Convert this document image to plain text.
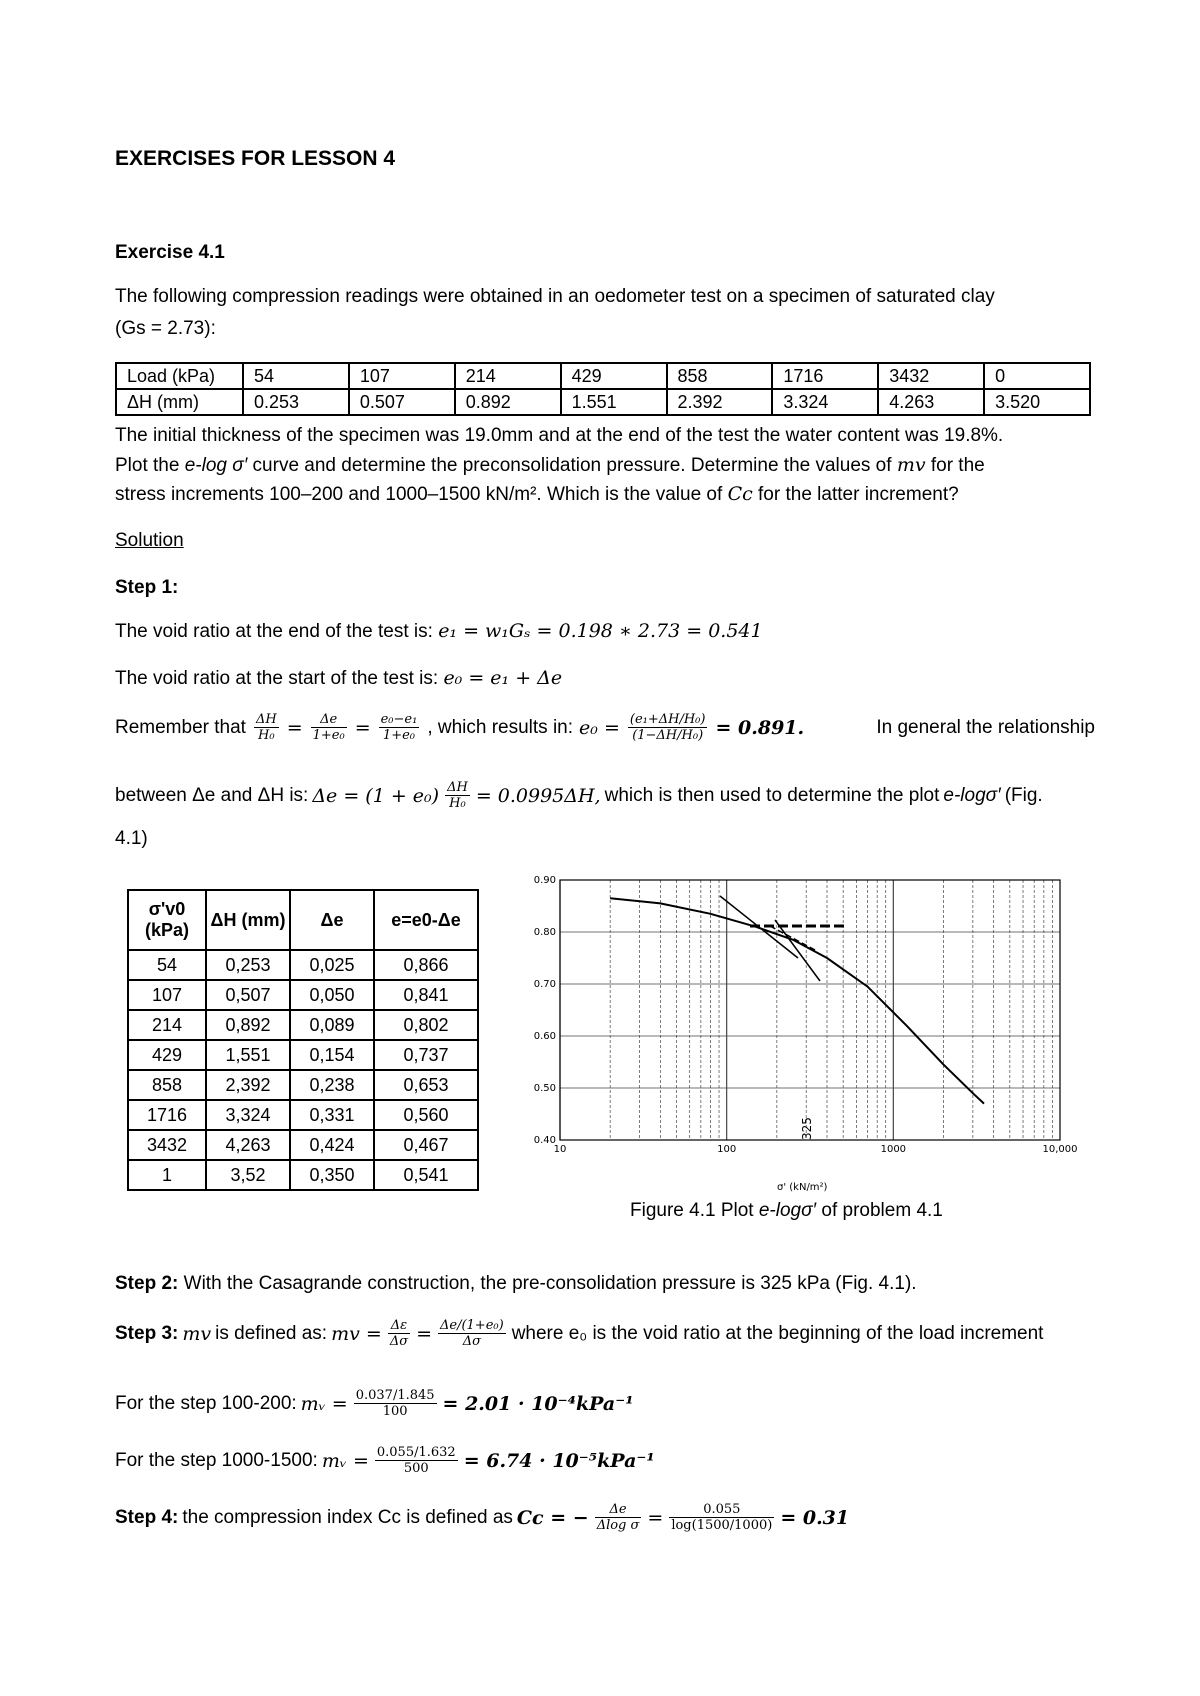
EXERCISES FOR LESSON 4
Exercise 4.1
The following compression readings were obtained in an oedometer test on a specimen of saturated clay
(Gs = 2.73):
Load (kPa)	54	107	214	429	858	1716	3432	0
ΔH (mm)	0.253	0.507	0.892	1.551	2.392	3.324	4.263	3.520
The initial thickness of the specimen was 19.0mm and at the end of the test the water content was 19.8%.
Plot the e-log σ′ curve and determine the preconsolidation pressure. Determine the values of mv for the
stress increments 100–200 and 1000–1500 kN/m². Which is the value of Cc for the latter increment?
Solution
Step 1:
The void ratio at the end of the test is: e₁ = w₁Gₛ = 0.198 ∗ 2.73 = 0.541
The void ratio at the start of the test is: e₀ = e₁ + Δe
Remember that $\frac{\Delta H}{\text{H₀}} = \frac{\Delta e}{\text{1+e₀}} = \frac{\text{e₀−e₁}}{\text{1+e₀}}$ , which results in: $e_0 = \frac{\text{(e₁+ΔH/H₀)}}{\text{(1−ΔH/H₀)}} = 0.891$.	In general the relationship
between Δe and ΔH is: $\Delta e = (1 + e_0) \frac{\Delta H}{\text{H₀}} = 0.0995\Delta H$, which is then used to determine the plot e-logσ′ (Fig.
4.1)
σ'v0 (kPa)	ΔH (mm)	Δe	e=e0-Δe
54	0,253	0,025	0,866
107	0,507	0,050	0,841
214	0,892	0,089	0,802
429	1,551	0,154	0,737
858	2,392	0,238	0,653
1716	3,324	0,331	0,560
3432	4,263	0,424	0,467
1	3,52	0,350	0,541
10	100	1000	10,000
0.40
0.50
0.60
0.70
0.80
0.90
325
σ' (kN/m²)
Figure 4.1 Plot e-logσ′ of problem 4.1
Step 2: With the Casagrande construction, the pre-consolidation pressure is 325 kPa (Fig. 4.1).
Step 3: mv is defined as: mv = $\frac{\Delta\varepsilon}{\Delta\sigma} = \frac{\text{Δe/(1+e₀)}}{\Delta\sigma}$ where e₀ is the void ratio at the beginning of the load increment
For the step 100-200: mᵥ = $\frac{0.037/1.845}{100} = 2.01 \cdot 10^{-4}kPa^{-1}$
For the step 1000-1500: mᵥ = $\frac{0.055/1.632}{500} = 6.74 \cdot 10^{-5}kPa^{-1}$
Step 4: the compression index Cc is defined as Cc = − $\frac{\Delta e}{\text{Δlog σ}} = \frac{0.055}{\log(1500/1000)} = 0.31$
